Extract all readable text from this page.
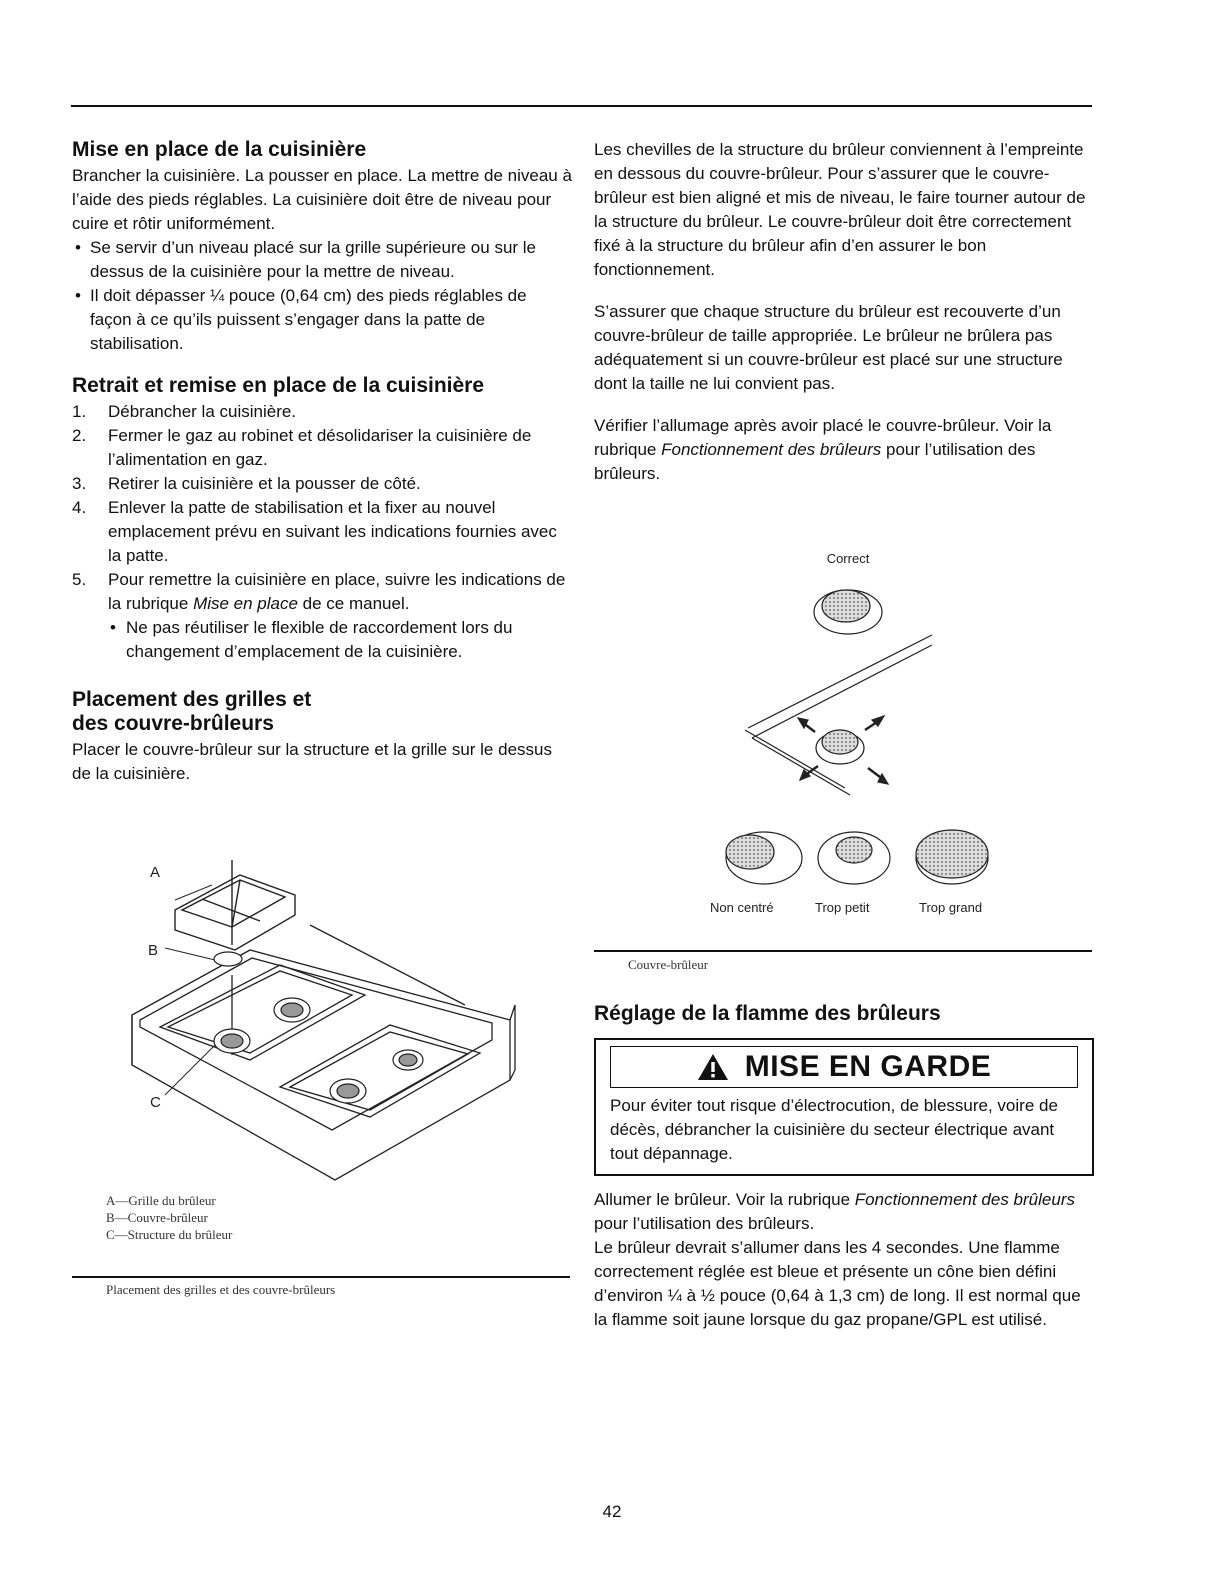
Mise en place de la cuisinière

Brancher la cuisinière. La pousser en place. La mettre de niveau à l’aide des pieds réglables. La cuisinière doit être de niveau pour cuire et rôtir uniformément.

• Se servir d’un niveau placé sur la grille supérieure ou sur le dessus de la cuisinière pour la mettre de niveau.
• Il doit dépasser ¼ pouce (0,64 cm) des pieds réglables de façon à ce qu’ils puissent s’engager dans la patte de stabilisation.
Retrait et remise en place de la cuisinière
1. Débrancher la cuisinière.
2. Fermer le gaz au robinet et désolidariser la cuisinière de l’alimentation en gaz.
3. Retirer la cuisinière et la pousser de côté.
4. Enlever la patte de stabilisation et la fixer au nouvel emplacement prévu en suivant les indications fournies avec la patte.
5. Pour remettre la cuisinière en place, suivre les indications de la rubrique Mise en place de ce manuel.
• Ne pas réutiliser le flexible de raccordement lors du changement d’emplacement de la cuisinière.
Placement des grilles et
des couvre-brûleurs

Placer le couvre-brûleur sur la structure et la grille sur le dessus de la cuisinière.

A
B
C
A—Grille du brûleur
B—Couvre-brûleur
C—Structure du brûleur
Placement des grilles et des couvre-brûleurs

Les chevilles de la structure du brûleur conviennent à l’empreinte en dessous du couvre-brûleur. Pour s’assurer que le couvre-brûleur est bien aligné et mis de niveau, le faire tourner autour de la structure du brûleur. Le couvre-brûleur doit être correctement fixé à la structure du brûleur afin d’en assurer le bon fonctionnement.

S’assurer que chaque structure du brûleur est recouverte d’un couvre-brûleur de taille appropriée. Le brûleur ne brûlera pas adéquatement si un couvre-brûleur est placé sur une structure dont la taille ne lui convient pas.

Vérifier l’allumage après avoir placé le couvre-brûleur. Voir la rubrique Fonctionnement des brûleurs pour l’utilisation des brûleurs.

Correct
Non centré	Trop petit	Trop grand
Couvre-brûleur
Réglage de la flamme des brûleurs
MISE EN GARDE

Pour éviter tout risque d’électrocution, de blessure, voire de décès, débrancher la cuisinière du secteur électrique avant tout dépannage.

Allumer le brûleur. Voir la rubrique Fonctionnement des brûleurs pour l’utilisation des brûleurs.

Le brûleur devrait s’allumer dans les 4 secondes. Une flamme correctement réglée est bleue et présente un cône bien défini d’environ ¼ à ½ pouce (0,64 à 1,3 cm) de long. Il est normal que la flamme soit jaune lorsque du gaz propane/GPL est utilisé.

42
